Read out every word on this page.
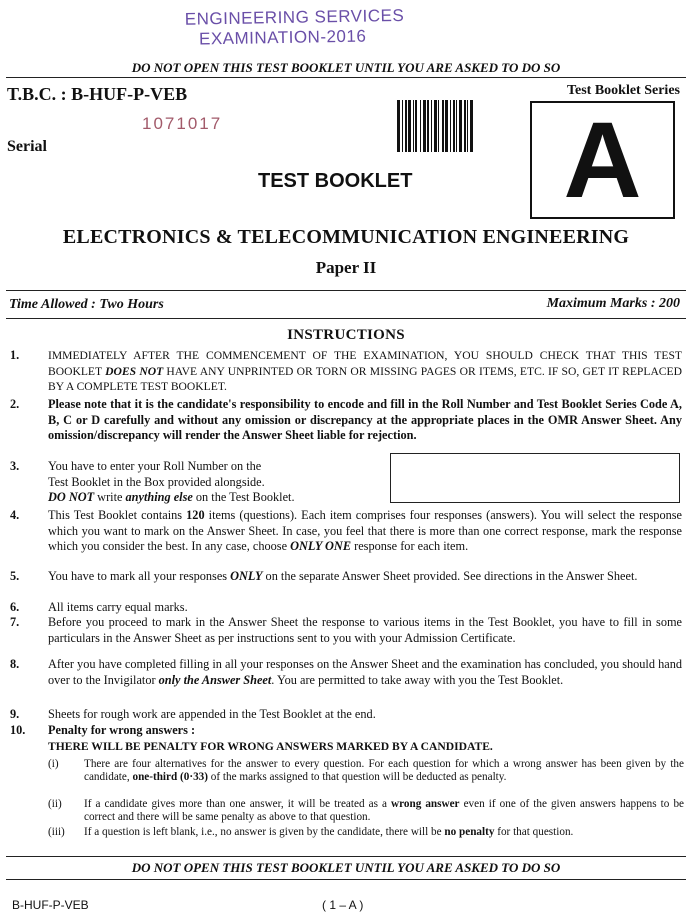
ENGINEERING SERVICES
EXAMINATION-2016
DO NOT OPEN THIS TEST BOOKLET UNTIL YOU ARE ASKED TO DO SO
T.B.C. : B-HUF-P-VEB	Test Booklet Series
1071017
Serial
TEST BOOKLET A
ELECTRONICS & TELECOMMUNICATION ENGINEERING
Paper II
Time Allowed : Two Hours	Maximum Marks : 200
INSTRUCTIONS
1. IMMEDIATELY AFTER THE COMMENCEMENT OF THE EXAMINATION, YOU SHOULD CHECK THAT THIS TEST BOOKLET DOES NOT HAVE ANY UNPRINTED OR TORN OR MISSING PAGES OR ITEMS, ETC. IF SO, GET IT REPLACED BY A COMPLETE TEST BOOKLET.
2. Please note that it is the candidate's responsibility to encode and fill in the Roll Number and Test Booklet Series Code A, B, C or D carefully and without any omission or discrepancy at the appropriate places in the OMR Answer Sheet. Any omission/discrepancy will render the Answer Sheet liable for rejection.
3. You have to enter your Roll Number on the
Test Booklet in the Box provided alongside.
DO NOT write anything else on the Test Booklet.
4. This Test Booklet contains 120 items (questions). Each item comprises four responses (answers). You will select the response which you want to mark on the Answer Sheet. In case, you feel that there is more than one correct response, mark the response which you consider the best. In any case, choose ONLY ONE response for each item.
5. You have to mark all your responses ONLY on the separate Answer Sheet provided. See directions in the Answer Sheet.
6. All items carry equal marks.
7. Before you proceed to mark in the Answer Sheet the response to various items in the Test Booklet, you have to fill in some particulars in the Answer Sheet as per instructions sent to you with your Admission Certificate.
8. After you have completed filling in all your responses on the Answer Sheet and the examination has concluded, you should hand over to the Invigilator only the Answer Sheet. You are permitted to take away with you the Test Booklet.
9. Sheets for rough work are appended in the Test Booklet at the end.
10. Penalty for wrong answers :
THERE WILL BE PENALTY FOR WRONG ANSWERS MARKED BY A CANDIDATE.
(i) There are four alternatives for the answer to every question. For each question for which a wrong answer has been given by the candidate, one-third (0·33) of the marks assigned to that question will be deducted as penalty.
(ii) If a candidate gives more than one answer, it will be treated as a wrong answer even if one of the given answers happens to be correct and there will be same penalty as above to that question.
(iii) If a question is left blank, i.e., no answer is given by the candidate, there will be no penalty for that question.
DO NOT OPEN THIS TEST BOOKLET UNTIL YOU ARE ASKED TO DO SO
B-HUF-P-VEB	( 1 – A )
